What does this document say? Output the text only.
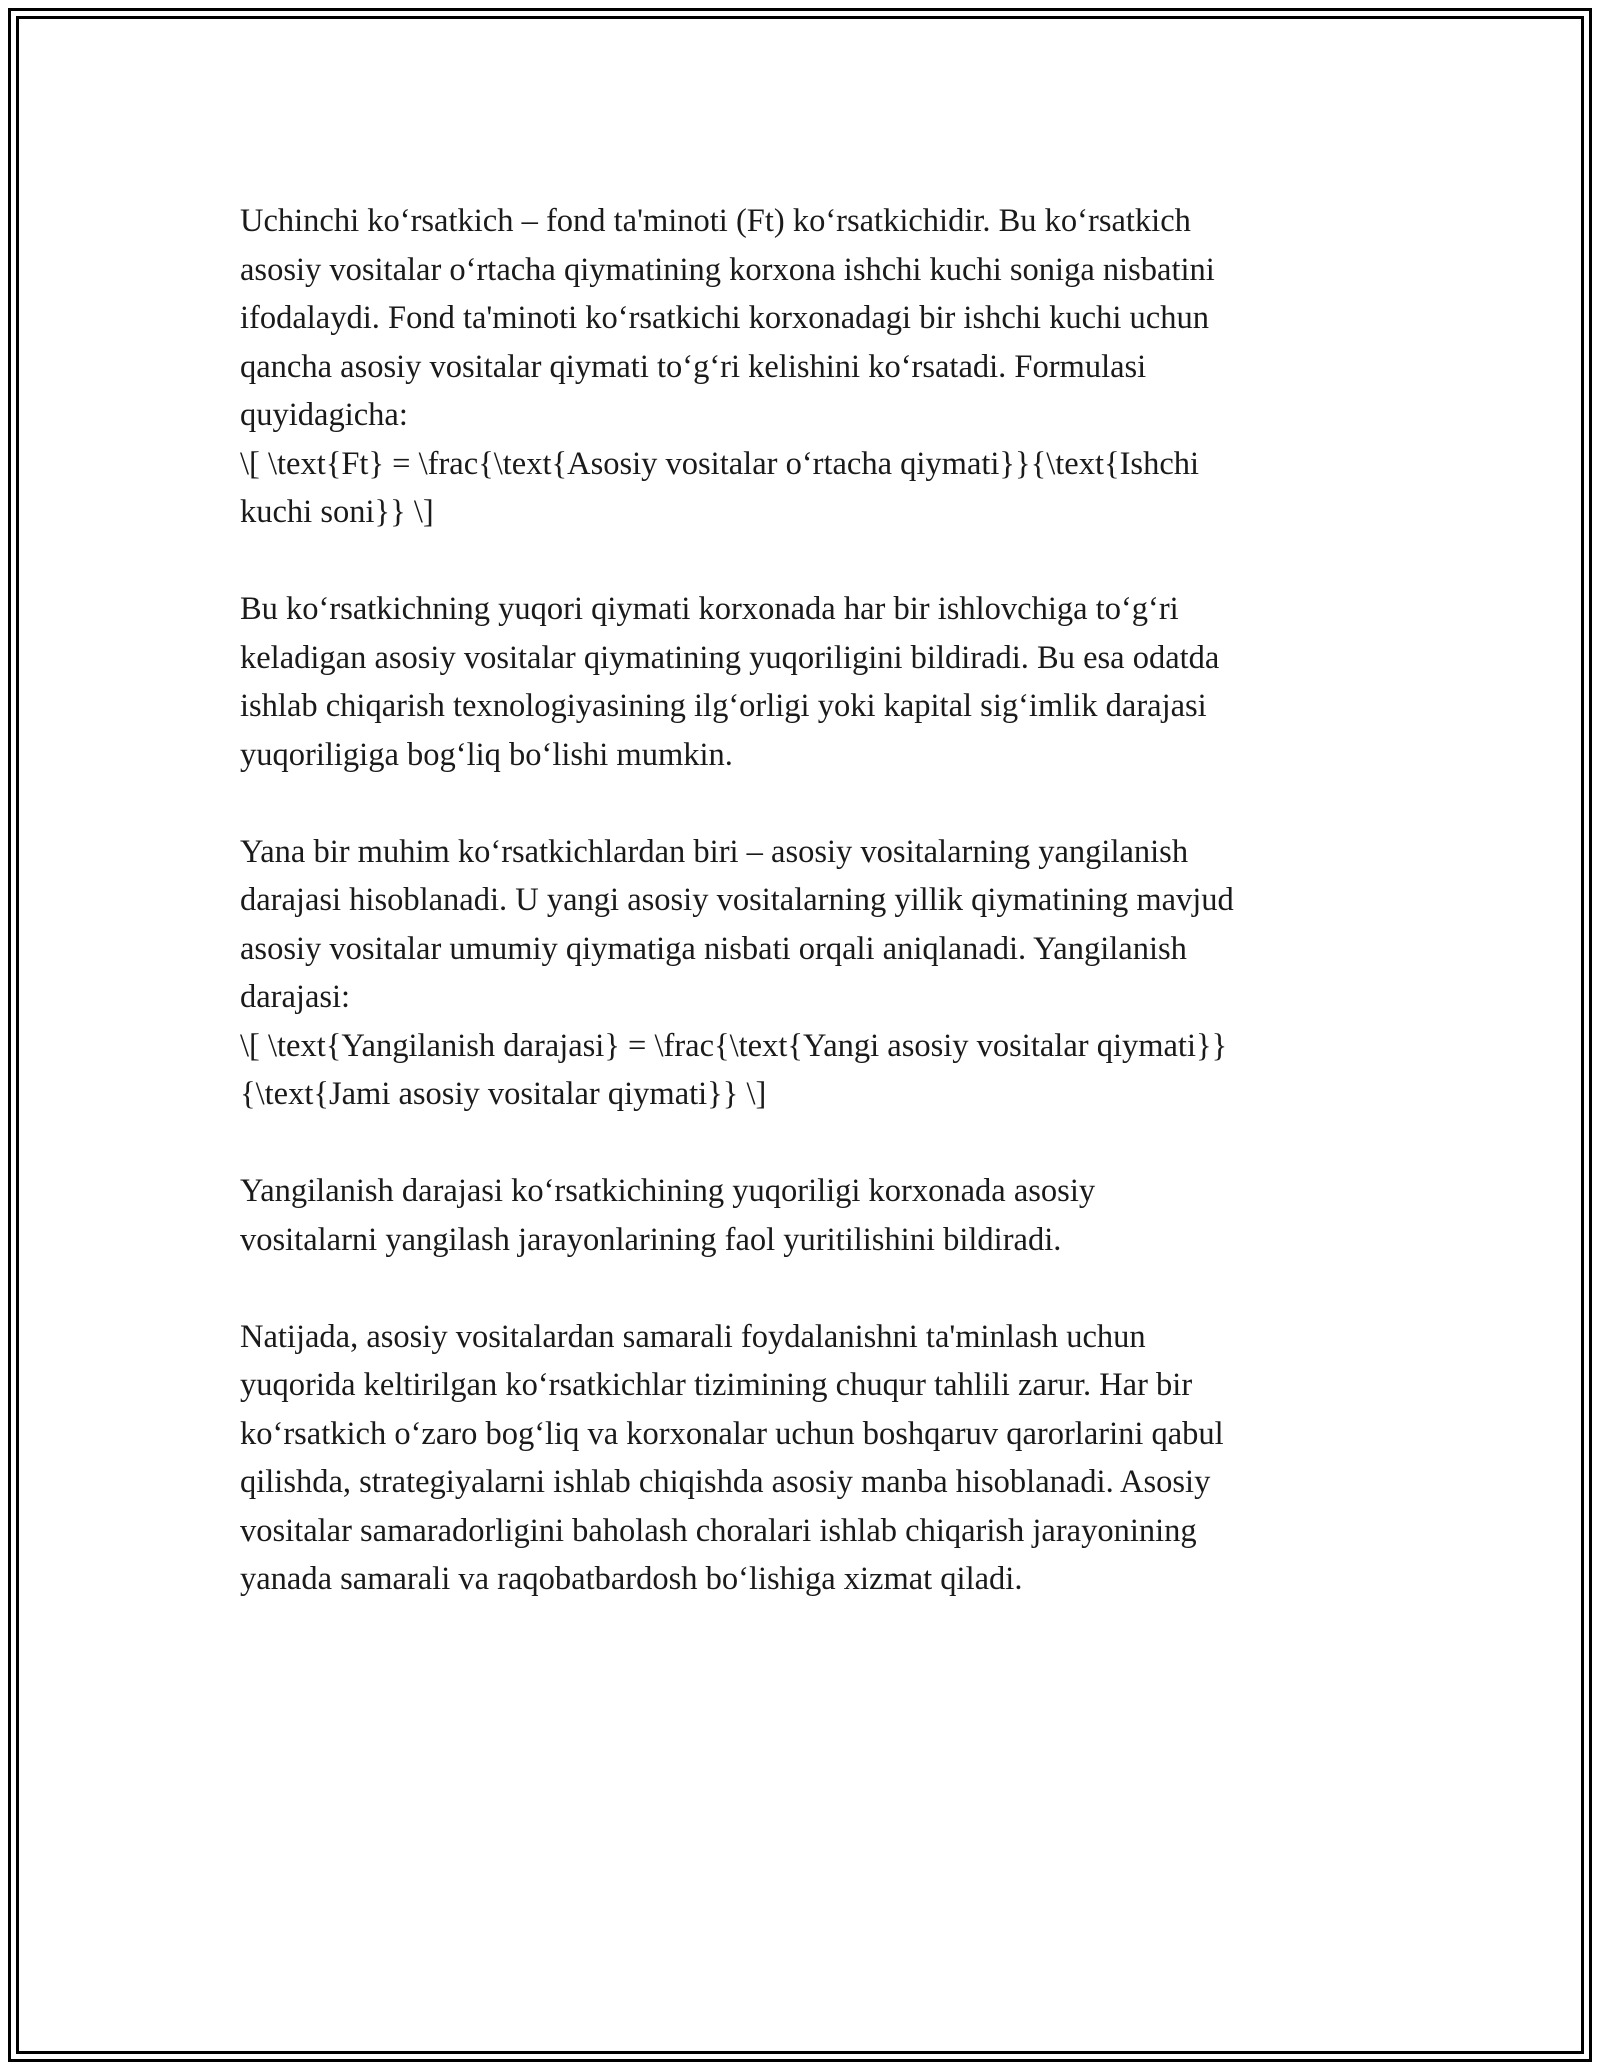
Uchinchi ko‘rsatkich – fond ta'minoti (Ft) ko‘rsatkichidir. Bu ko‘rsatkich
asosiy vositalar o‘rtacha qiymatining korxona ishchi kuchi soniga nisbatini
ifodalaydi. Fond ta'minoti ko‘rsatkichi korxonadagi bir ishchi kuchi uchun
qancha asosiy vositalar qiymati to‘g‘ri kelishini ko‘rsatadi. Formulasi
quyidagicha:
\[ \text{Ft} = \frac{\text{Asosiy vositalar o‘rtacha qiymati}}{\text{Ishchi
kuchi soni}} \]

Bu ko‘rsatkichning yuqori qiymati korxonada har bir ishlovchiga to‘g‘ri
keladigan asosiy vositalar qiymatining yuqoriligini bildiradi. Bu esa odatda
ishlab chiqarish texnologiyasining ilg‘orligi yoki kapital sig‘imlik darajasi
yuqoriligiga bog‘liq bo‘lishi mumkin.

Yana bir muhim ko‘rsatkichlardan biri – asosiy vositalarning yangilanish
darajasi hisoblanadi. U yangi asosiy vositalarning yillik qiymatining mavjud
asosiy vositalar umumiy qiymatiga nisbati orqali aniqlanadi. Yangilanish
darajasi:
\[ \text{Yangilanish darajasi} = \frac{\text{Yangi asosiy vositalar qiymati}}
{\text{Jami asosiy vositalar qiymati}} \]

Yangilanish darajasi ko‘rsatkichining yuqoriligi korxonada asosiy
vositalarni yangilash jarayonlarining faol yuritilishini bildiradi.

Natijada, asosiy vositalardan samarali foydalanishni ta'minlash uchun
yuqorida keltirilgan ko‘rsatkichlar tizimining chuqur tahlili zarur. Har bir
ko‘rsatkich o‘zaro bog‘liq va korxonalar uchun boshqaruv qarorlarini qabul
qilishda, strategiyalarni ishlab chiqishda asosiy manba hisoblanadi. Asosiy
vositalar samaradorligini baholash choralari ishlab chiqarish jarayonining
yanada samarali va raqobatbardosh bo‘lishiga xizmat qiladi.
